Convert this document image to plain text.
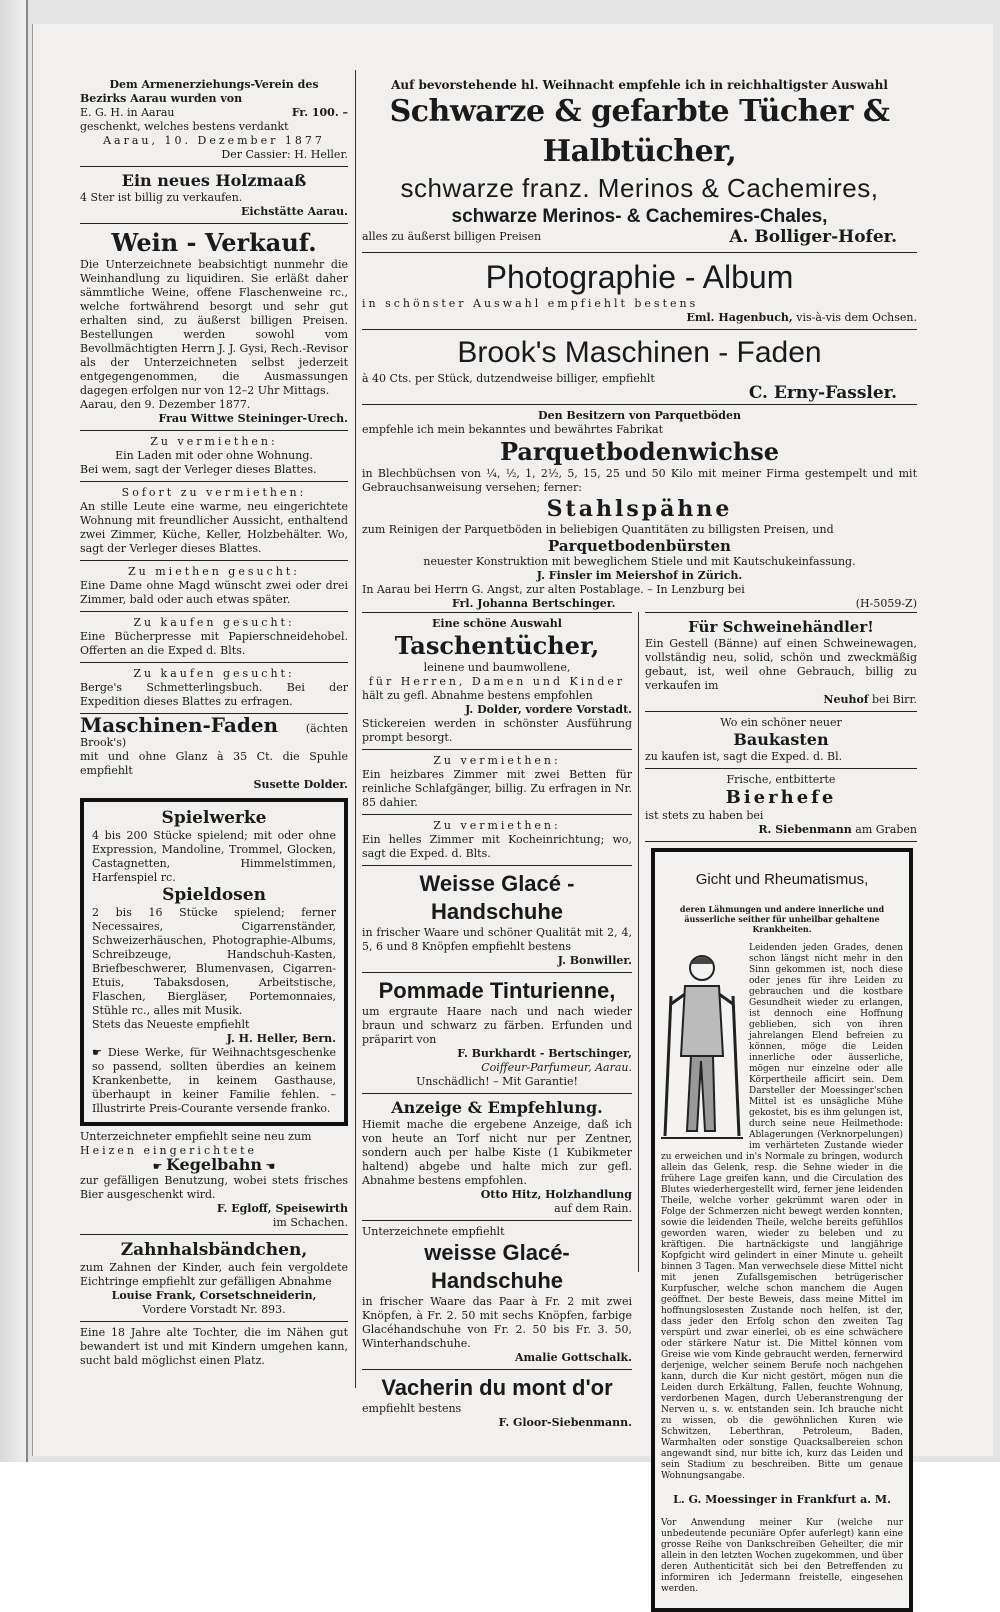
Dem Armenerziehungs-Verein des

Bezirks Aarau wurden von

E. G. H. in Aarau	Fr. 100. –

geschenkt, welches bestens verdankt

Aarau, 10. Dezember 1877

Der Cassier: H. Heller.

Ein neues Holzmaaß

4 Ster ist billig zu verkaufen.

Eichstätte Aarau.

Wein - Verkauf.

Die Unterzeichnete beabsichtigt nunmehr die Weinhandlung zu liquidiren. Sie erläßt daher sämmtliche Weine, offene Flaschenweine rc., welche fortwährend besorgt und sehr gut erhalten sind, zu äußerst billigen Preisen. Bestellungen werden sowohl vom Bevollmächtigten Herrn J. J. Gysi, Rech.-Revisor als der Unterzeichneten selbst jederzeit entgegengenommen, die Ausmassungen dagegen erfolgen nur von 12–2 Uhr Mittags.

Aarau, den 9. Dezember 1877.

Frau Wittwe Steininger-Urech.

Zu vermiethen:

Ein Laden mit oder ohne Wohnung.

Bei wem, sagt der Verleger dieses Blattes.

Sofort zu vermiethen:

An stille Leute eine warme, neu eingerichtete Wohnung mit freundlicher Aussicht, enthaltend zwei Zimmer, Küche, Keller, Holzbehälter. Wo, sagt der Verleger dieses Blattes.

Zu miethen gesucht:

Eine Dame ohne Magd wünscht zwei oder drei Zimmer, bald oder auch etwas später.

Zu kaufen gesucht:

Eine Bücherpresse mit Papierschneidehobel. Offerten an die Exped d. Blts.

Zu kaufen gesucht:

Berge's Schmetterlingsbuch. Bei der Expedition dieses Blattes zu erfragen.

Maschinen-Faden	(ächten Brook's)

mit und ohne Glanz à 35 Ct. die Spuhle empfiehlt

Susette Dolder.

Spielwerke

4 bis 200 Stücke spielend; mit oder ohne Expression, Mandoline, Trommel, Glocken, Castagnetten, Himmelstimmen, Harfenspiel rc.

Spieldosen

2 bis 16 Stücke spielend; ferner Necessaires, Cigarrenständer, Schweizerhäuschen, Photographie-Albums, Schreibzeuge, Handschuh-Kasten, Briefbeschwerer, Blumenvasen, Cigarren-Etuis, Tabaksdosen, Arbeitstische, Flaschen, Biergläser, Portemonnaies, Stühle rc., alles mit Musik.

Stets das Neueste empfiehlt

J. H. Heller, Bern.

☛ Diese Werke, für Weihnachtsgeschenke so passend, sollten überdies an keinem Krankenbette, in keinem Gasthause, überhaupt in keiner Familie fehlen. – Illustrirte Preis-Courante versende franko.

Unterzeichneter empfiehlt seine neu zum

Heizen eingerichtete

☛ Kegelbahn ☚

zur gefälligen Benutzung, wobei stets frisches Bier ausgeschenkt wird.

F. Egloff, Speisewirth

im Schachen.

Zahnhalsbändchen,

zum Zahnen der Kinder, auch fein vergoldete Eichtringe empfiehlt zur gefälligen Abnahme

Louise Frank, Corsetschneiderin,

Vordere Vorstadt Nr. 893.

Eine 18 Jahre alte Tochter, die im Nähen gut bewandert ist und mit Kindern umgehen kann, sucht bald möglichst einen Platz.

Auf bevorstehende hl. Weihnacht empfehle ich in reichhaltigster Auswahl

Schwarze & gefarbte Tücher & Halbtücher,

schwarze franz. Merinos & Cachemires,

schwarze Merinos- & Cachemires-Chales,

alles zu äußerst billigen Preisen	A. Bolliger-Hofer.

Photographie - Album

in schönster Auswahl empfiehlt bestens

Eml. Hagenbuch, vis-à-vis dem Ochsen.

Brook's Maschinen - Faden

à 40 Cts. per Stück, dutzendweise billiger, empfiehlt

C. Erny-Fassler.

Den Besitzern von Parquetböden

empfehle ich mein bekanntes und bewährtes Fabrikat

Parquetbodenwichse

in Blechbüchsen von ¼, ½, 1, 2½, 5, 15, 25 und 50 Kilo mit meiner Firma gestempelt und mit Gebrauchsanweisung versehen; ferner:

Stahlspähne

zum Reinigen der Parquetböden in beliebigen Quantitäten zu billigsten Preisen, und

Parquetbodenbürsten

neuester Konstruktion mit beweglichem Stiele und mit Kautschukeinfassung.

J. Finsler im Meiershof in Zürich.

In Aarau bei Herrn G. Angst, zur alten Postablage. – In Lenzburg bei

Frl. Johanna Bertschinger.	(H-5059-Z)

Eine schöne Auswahl

Taschentücher,

leinene und baumwollene,

für Herren, Damen und Kinder

hält zu gefl. Abnahme bestens empfohlen

J. Dolder, vordere Vorstadt.

Stickereien werden in schönster Ausführung prompt besorgt.

Zu vermiethen:

Ein heizbares Zimmer mit zwei Betten für reinliche Schlafgänger, billig. Zu erfragen in Nr. 85 dahier.

Zu vermiethen:

Ein helles Zimmer mit Kocheinrichtung; wo, sagt die Exped. d. Blts.

Weisse Glacé - Handschuhe

in frischer Waare und schöner Qualität mit 2, 4, 5, 6 und 8 Knöpfen empfiehlt bestens

J. Bonwiller.

Pommade Tinturienne,

um ergraute Haare nach und nach wieder braun und schwarz zu färben. Erfunden und präparirt von

F. Burkhardt - Bertschinger,

Coiffeur-Parfumeur, Aarau.

Unschädlich! – Mit Garantie!

Anzeige & Empfehlung.

Hiemit mache die ergebene Anzeige, daß ich von heute an Torf nicht nur per Zentner, sondern auch per halbe Kiste (1 Kubikmeter haltend) abgebe und halte mich zur gefl. Abnahme bestens empfohlen.

Otto Hitz, Holzhandlung

auf dem Rain.

Unterzeichnete empfiehlt

weisse Glacé-Handschuhe

in frischer Waare das Paar à Fr. 2 mit zwei Knöpfen, à Fr. 2. 50 mit sechs Knöpfen, farbige Glacéhandschuhe von Fr. 2. 50 bis Fr. 3. 50, Winterhandschuhe.

Amalie Gottschalk.

Vacherin du mont d'or

empfiehlt bestens

F. Gloor-Siebenmann.

Für Schweinehändler!

Ein Gestell (Bänne) auf einen Schweinewagen, vollständig neu, solid, schön und zweckmäßig gebaut, ist, weil ohne Gebrauch, billig zu verkaufen im

Neuhof bei Birr.

Wo ein schöner neuer

Baukasten

zu kaufen ist, sagt die Exped. d. Bl.

Frische, entbitterte

Bierhefe

ist stets zu haben bei

R. Siebenmann am Graben

Gicht und Rheumatismus,

deren Lähmungen und andere innerliche und äusserliche seither für unheilbar gehaltene Krankheiten.

Leidenden jeden Grades, denen schon längst nicht mehr in den Sinn gekommen ist, noch diese oder jenes für ihre Leiden zu gebrauchen und die kostbare Gesundheit wieder zu erlangen, ist dennoch eine Hoffnung geblieben, sich von ihren jahrelangen Elend befreien zu können, möge die Leiden innerliche oder äusserliche, mögen nur einzelne oder alle Körpertheile afficirt sein. Dem Darsteller der Moessinger'schen Mittel ist es unsägliche Mühe gekostet, bis es ihm gelungen ist, durch seine neue Heilmethode: Ablagerungen (Verknorpelungen) im verhärteten Zustande wieder zu erweichen und in's Normale zu bringen, wodurch allein das Gelenk, resp. die Sehne wieder in die frühere Lage greifen kann, und die Circulation des Blutes wiederhergestellt wird, ferner jene leidenden Theile, welche vorher gekrümmt waren oder in Folge der Schmerzen nicht bewegt werden konnten, sowie die leidenden Theile, welche bereits gefühllos geworden waren, wieder zu beleben und zu kräftigen. Die hartnäckigste und langjährige Kopfgicht wird gelindert in einer Minute u. geheilt binnen 3 Tagen. Man verwechsele diese Mittel nicht mit jenen Zufallsgemischen betrügerischer Kurpfuscher, welche schon manchem die Augen geöffnet. Der beste Beweis, dass meine Mittel im hoffnungslosesten Zustande noch helfen, ist der, dass jeder den Erfolg schon den zweiten Tag verspürt und zwar einerlei, ob es eine schwächere oder stärkere Natur ist. Die Mittel können vom Greise wie vom Kinde gebraucht werden, fernerwird derjenige, welcher seinem Berufe noch nachgehen kann, durch die Kur nicht gestört, mögen nun die Leiden durch Erkältung, Fallen, feuchte Wohnung, verdorbenen Magen, durch Ueberanstrengung der Nerven u. s. w. entstanden sein. Ich brauche nicht zu wissen, ob die gewöhnlichen Kuren wie Schwitzen, Leberthran, Petroleum, Baden, Warmhalten oder sonstige Quacksalbereien schon angewandt sind, nur bitte ich, kurz das Leiden und sein Stadium zu beschreiben. Bitte um genaue Wohnungsangabe.

L. G. Moessinger in Frankfurt a. M.

Vor Anwendung meiner Kur (welche nur unbedeutende pecuniäre Opfer auferlegt) kann eine grosse Reihe von Dankschreiben Geheilter, die mir allein in den letzten Wochen zugekommen, und über deren Authenticität sich bei den Betreffenden zu informiren ich Jedermann freistelle, eingesehen werden.
